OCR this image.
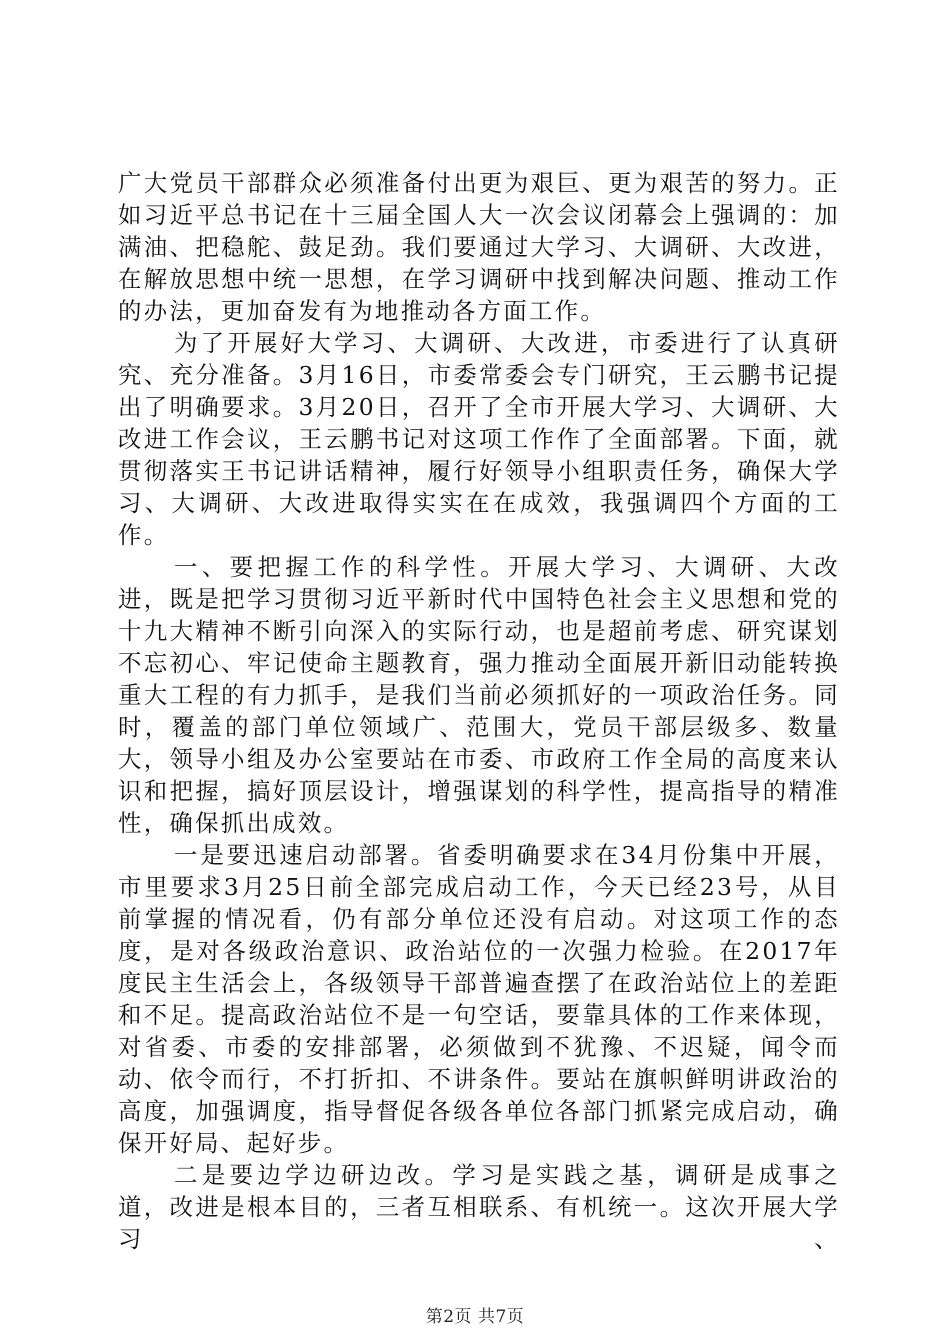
广大党员干部群众必须准备付出更为艰巨、更为艰苦的努力。正如习近平总书记在十三届全国人大一次会议闭幕会上强调的：加满油、把稳舵、鼓足劲。我们要通过大学习、大调研、大改进，在解放思想中统一思想，在学习调研中找到解决问题、推动工作的办法，更加奋发有为地推动各方面工作。

为了开展好大学习、大调研、大改进，市委进行了认真研究、充分准备。3月16日，市委常委会专门研究，王云鹏书记提出了明确要求。3月20日，召开了全市开展大学习、大调研、大改进工作会议，王云鹏书记对这项工作作了全面部署。下面，就贯彻落实王书记讲话精神，履行好领导小组职责任务，确保大学习、大调研、大改进取得实实在在成效，我强调四个方面的工作。

一、要把握工作的科学性。开展大学习、大调研、大改进，既是把学习贯彻习近平新时代中国特色社会主义思想和党的十九大精神不断引向深入的实际行动，也是超前考虑、研究谋划不忘初心、牢记使命主题教育，强力推动全面展开新旧动能转换重大工程的有力抓手，是我们当前必须抓好的一项政治任务。同时，覆盖的部门单位领域广、范围大，党员干部层级多、数量大，领导小组及办公室要站在市委、市政府工作全局的高度来认识和把握，搞好顶层设计，增强谋划的科学性，提高指导的精准性，确保抓出成效。

一是要迅速启动部署。省委明确要求在34月份集中开展，市里要求3月25日前全部完成启动工作，今天已经23号，从目前掌握的情况看，仍有部分单位还没有启动。对这项工作的态度，是对各级政治意识、政治站位的一次强力检验。在2017年度民主生活会上，各级领导干部普遍查摆了在政治站位上的差距和不足。提高政治站位不是一句空话，要靠具体的工作来体现，对省委、市委的安排部署，必须做到不犹豫、不迟疑，闻令而动、依令而行，不打折扣、不讲条件。要站在旗帜鲜明讲政治的高度，加强调度，指导督促各级各单位各部门抓紧完成启动，确保开好局、起好步。

二是要边学边研边改。学习是实践之基，调研是成事之道，改进是根本目的，三者互相联系、有机统一。这次开展大学习、

第2页 共7页
